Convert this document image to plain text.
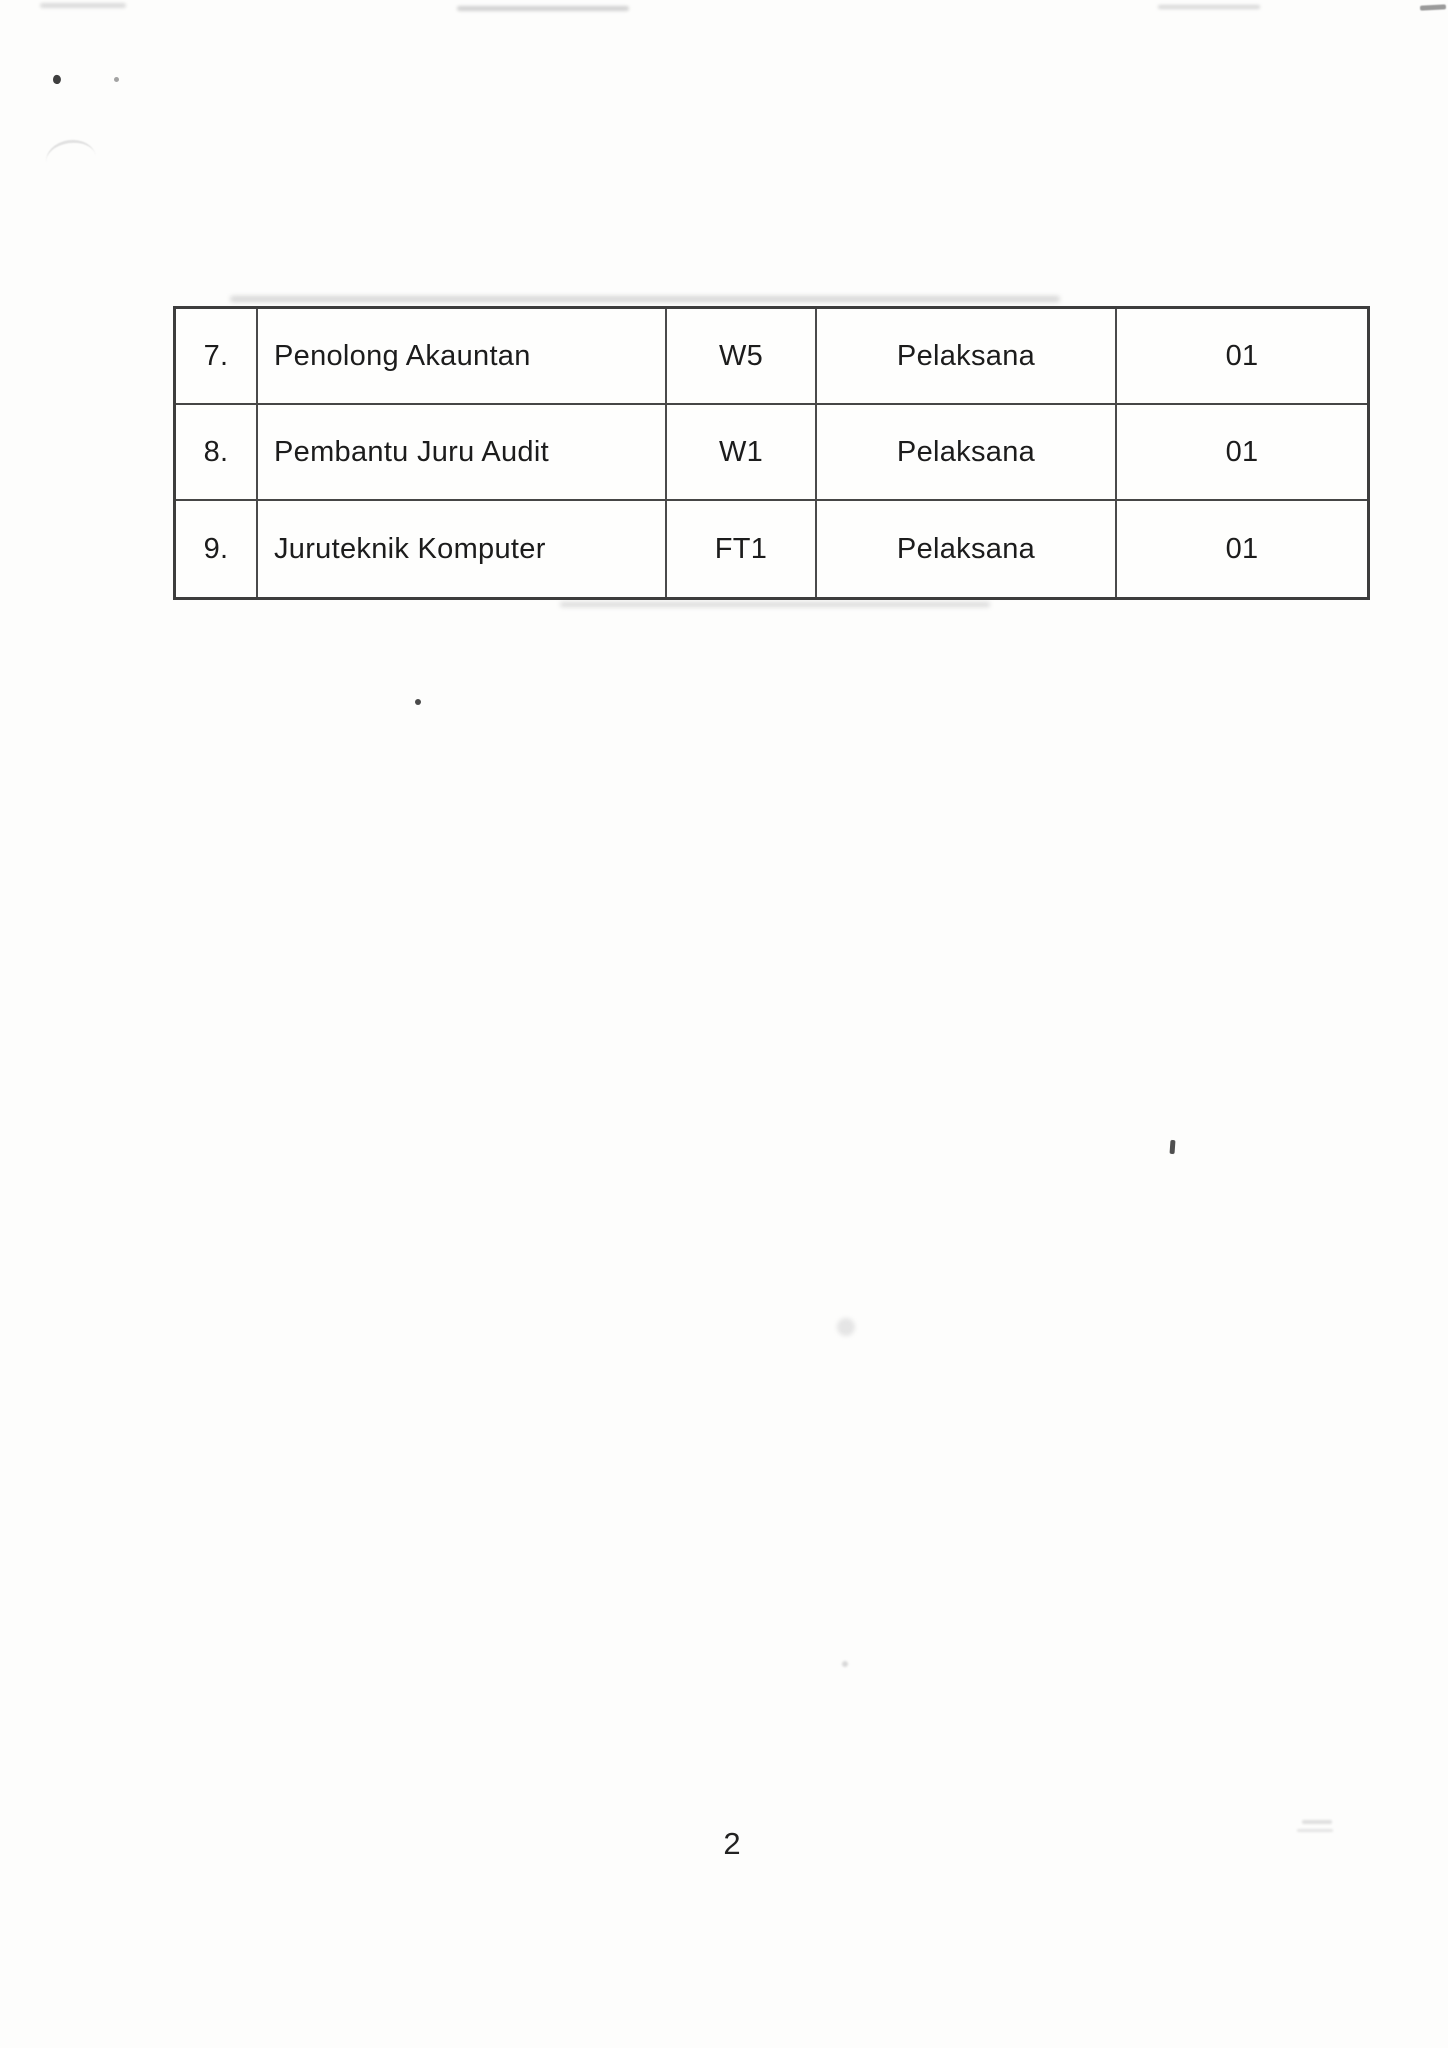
7.	Penolong Akauntan	W5	Pelaksana	01
8.	Pembantu Juru Audit	W1	Pelaksana	01
9.	Juruteknik Komputer	FT1	Pelaksana	01
2
